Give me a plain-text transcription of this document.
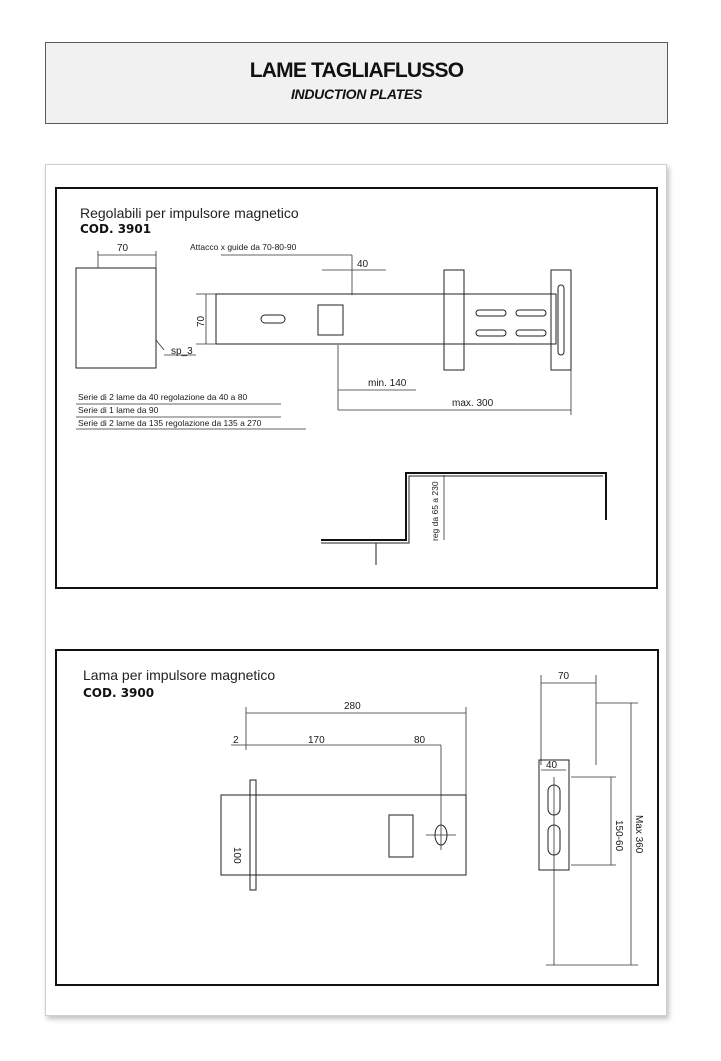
LAME TAGLIAFLUSSO
INDUCTION PLATES
Regolabili per impulsore magnetico
COD. 3901
70
sp_3
Attacco x guide da 70-80-90
40
70
min. 140
max. 300
Serie di 2 lame da 40 regolazione da 40 a 80
Serie di 1 lame da 90
Serie di 2 lame da 135 regolazione da 135 a 270
reg da 65 a 230
Lama per impulsore magnetico
COD. 3900
280
2	170	80
100
70
40
150-60 Max 360
